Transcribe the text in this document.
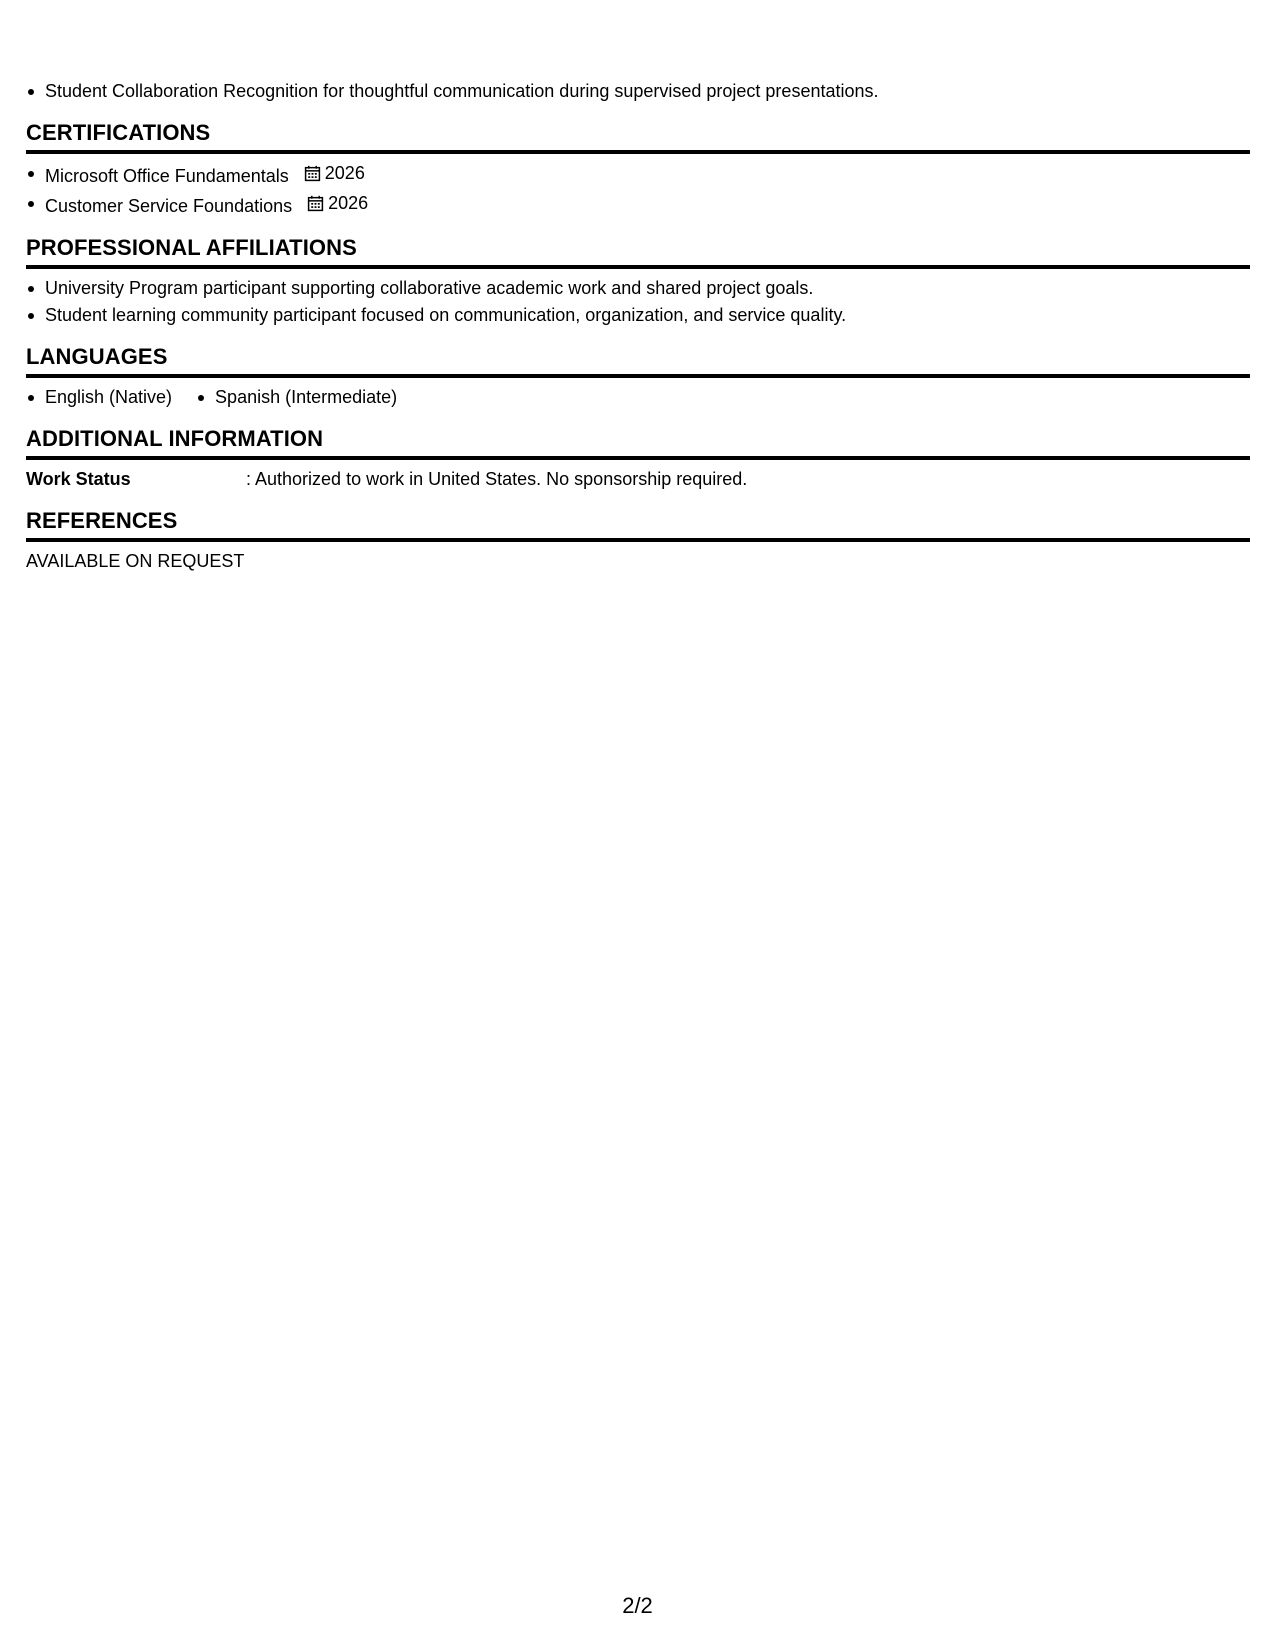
Student Collaboration Recognition for thoughtful communication during supervised project presentations.
CERTIFICATIONS
Microsoft Office Fundamentals 2026
Customer Service Foundations 2026
PROFESSIONAL AFFILIATIONS
University Program participant supporting collaborative academic work and shared project goals.
Student learning community participant focused on communication, organization, and service quality.
LANGUAGES
English (Native)	Spanish (Intermediate)
ADDITIONAL INFORMATION
Work Status	: Authorized to work in United States. No sponsorship required.
REFERENCES
AVAILABLE ON REQUEST
2/2
